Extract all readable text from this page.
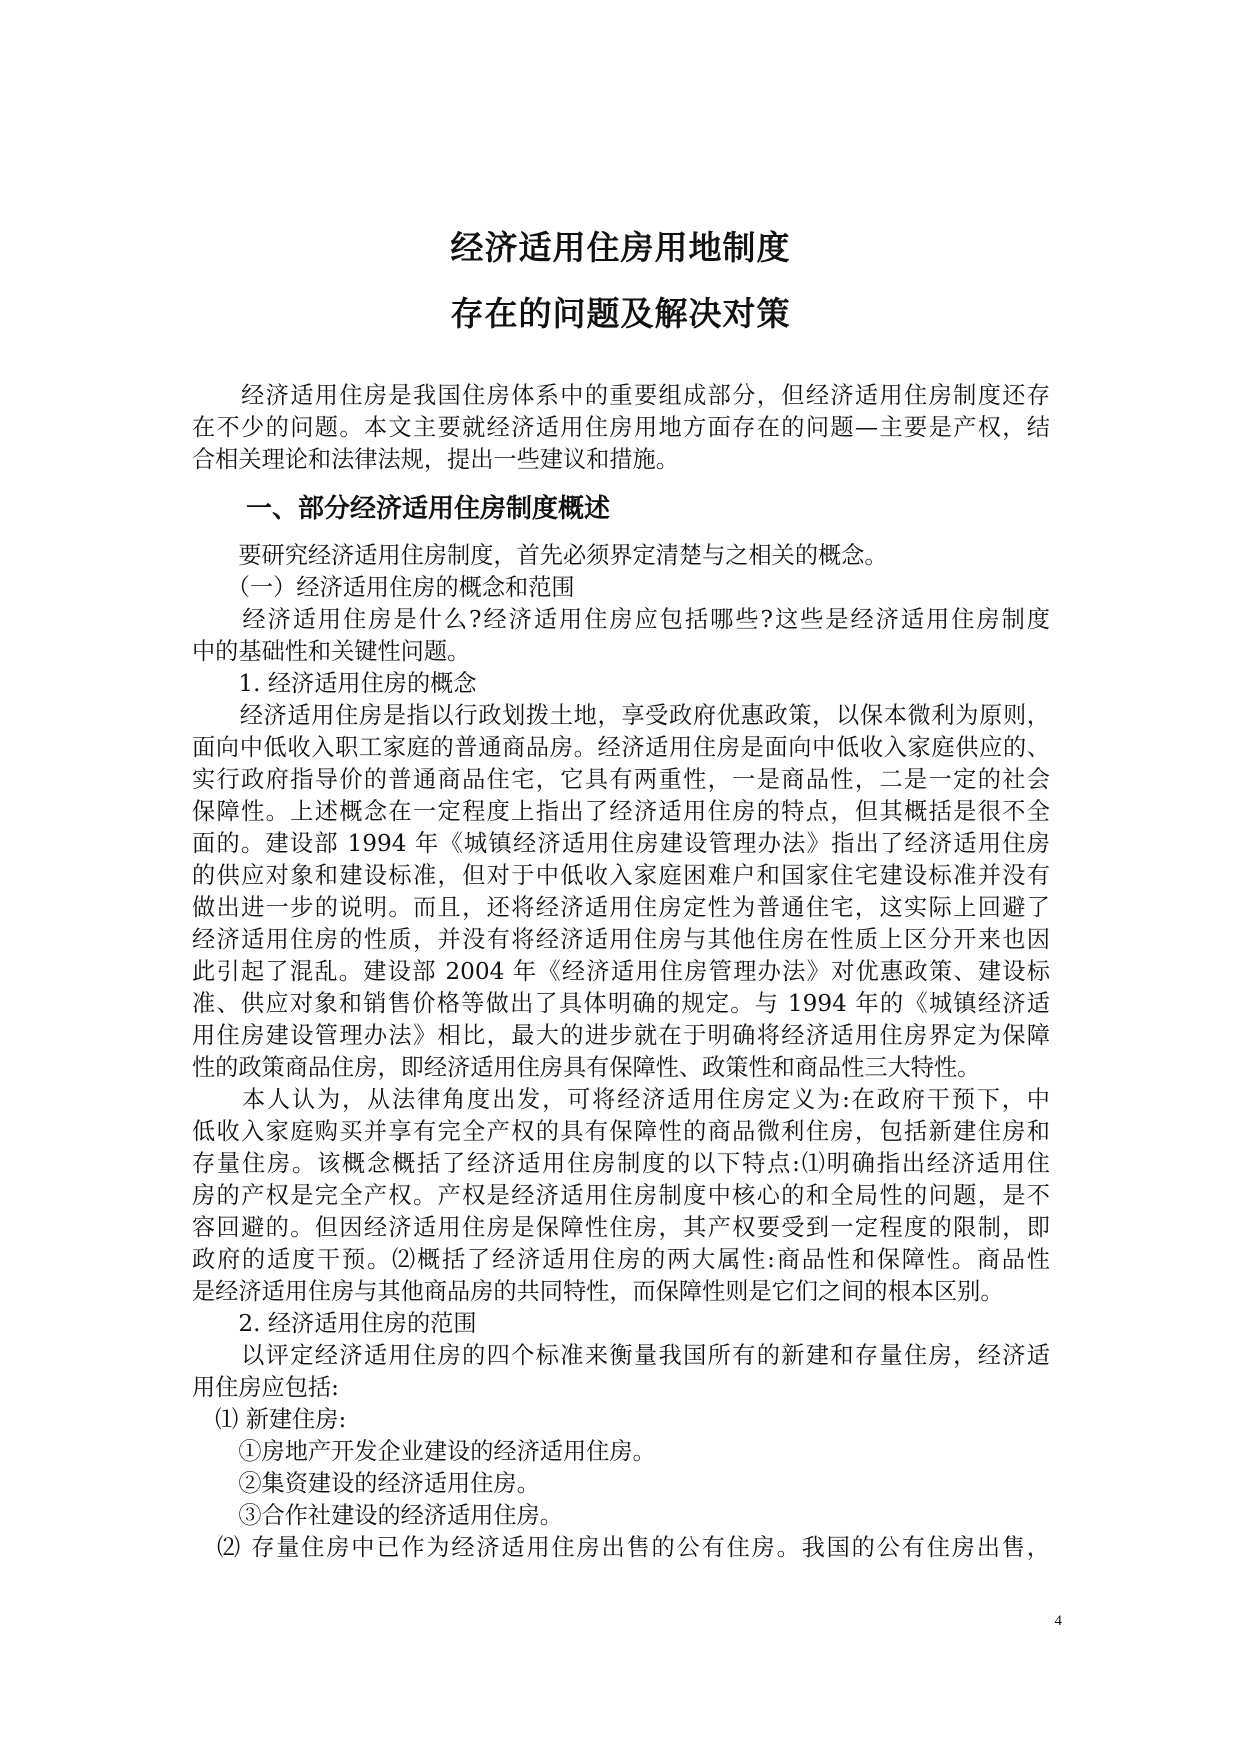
经济适用住房用地制度
存在的问题及解决对策

　　经济适用住房是我国住房体系中的重要组成部分，但经济适用住房制度还存

在不少的问题。本文主要就经济适用住房用地方面存在的问题—主要是产权，结

合相关理论和法律法规，提出一些建议和措施。

一、部分经济适用住房制度概述

　　要研究经济适用住房制度，首先必须界定清楚与之相关的概念。

　　（一）经济适用住房的概念和范围

　　经济适用住房是什么?经济适用住房应包括哪些?这些是经济适用住房制度

中的基础性和关键性问题。

　　1. 经济适用住房的概念

　　经济适用住房是指以行政划拨土地，享受政府优惠政策，以保本微利为原则，

面向中低收入职工家庭的普通商品房。经济适用住房是面向中低收入家庭供应的、

实行政府指导价的普通商品住宅，它具有两重性，一是商品性，二是一定的社会

保障性。上述概念在一定程度上指出了经济适用住房的特点，但其概括是很不全

面的。建设部 1994 年《城镇经济适用住房建设管理办法》指出了经济适用住房

的供应对象和建设标准，但对于中低收入家庭困难户和国家住宅建设标准并没有

做出进一步的说明。而且，还将经济适用住房定性为普通住宅，这实际上回避了

经济适用住房的性质，并没有将经济适用住房与其他住房在性质上区分开来也因

此引起了混乱。建设部 2004 年《经济适用住房管理办法》对优惠政策、建设标

准、供应对象和销售价格等做出了具体明确的规定。与 1994 年的《城镇经济适

用住房建设管理办法》相比，最大的进步就在于明确将经济适用住房界定为保障

性的政策商品住房，即经济适用住房具有保障性、政策性和商品性三大特性。

　　本人认为，从法律角度出发，可将经济适用住房定义为:在政府干预下，中

低收入家庭购买并享有完全产权的具有保障性的商品微利住房，包括新建住房和

存量住房。该概念概括了经济适用住房制度的以下特点:⑴明确指出经济适用住

房的产权是完全产权。产权是经济适用住房制度中核心的和全局性的问题，是不

容回避的。但因经济适用住房是保障性住房，其产权要受到一定程度的限制，即

政府的适度干预。⑵概括了经济适用住房的两大属性:商品性和保障性。商品性

是经济适用住房与其他商品房的共同特性，而保障性则是它们之间的根本区别。

　　2. 经济适用住房的范围

　　以评定经济适用住房的四个标准来衡量我国所有的新建和存量住房，经济适

用住房应包括:

　⑴ 新建住房:

　　①房地产开发企业建设的经济适用住房。

　　②集资建设的经济适用住房。

　　③合作社建设的经济适用住房。

　⑵ 存量住房中已作为经济适用住房出售的公有住房。我国的公有住房出售，

4
